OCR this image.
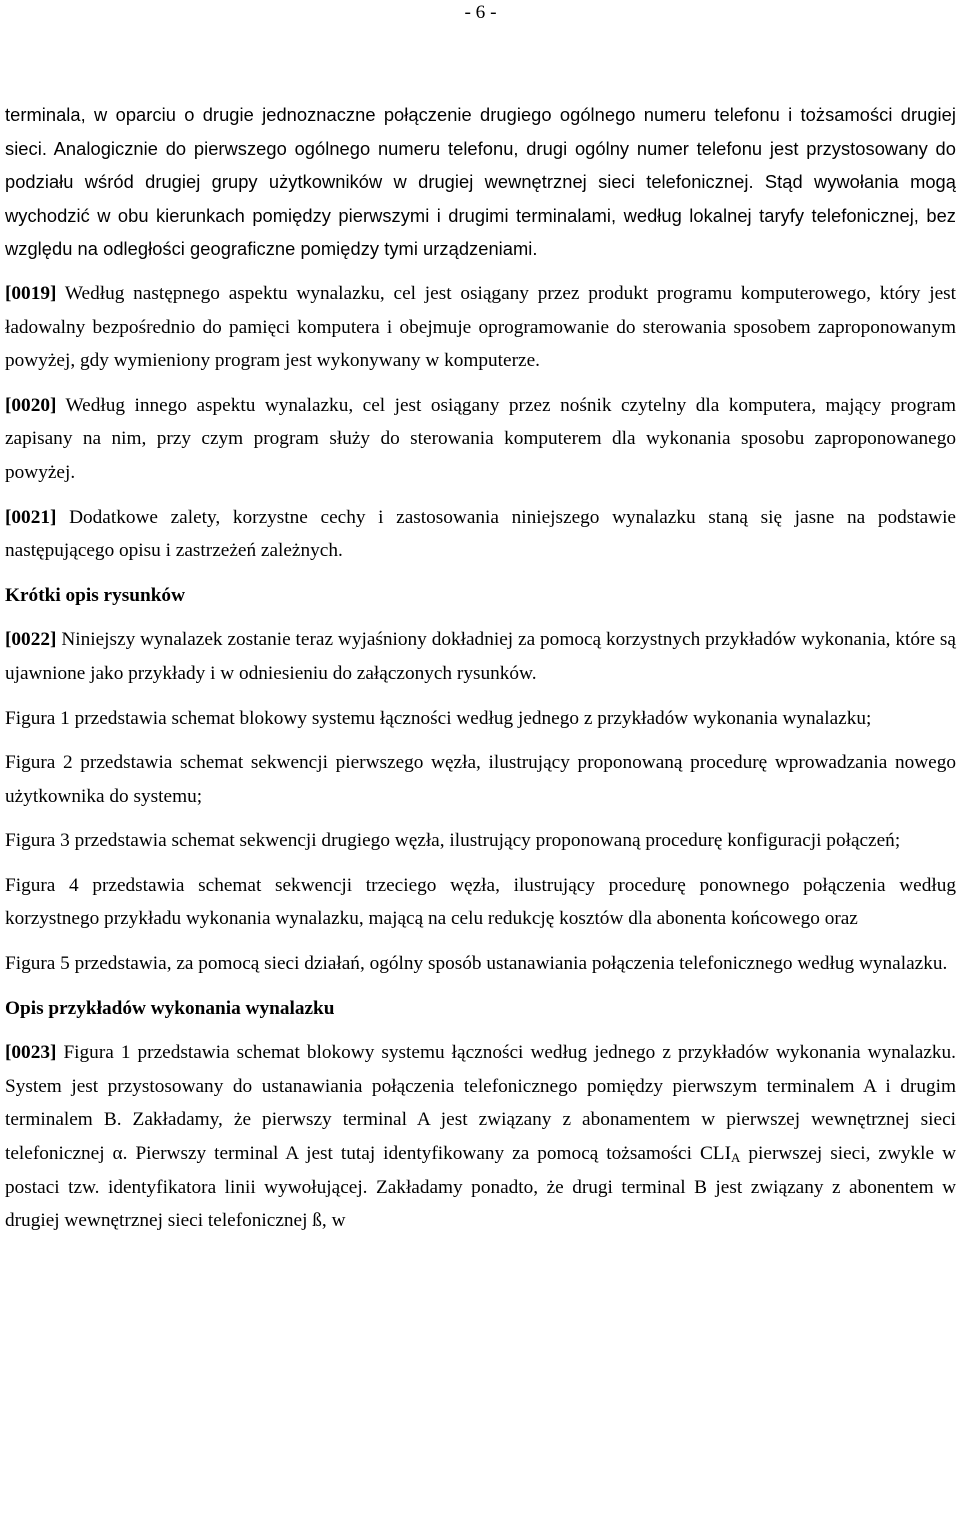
- 6 -

terminala, w oparciu o drugie jednoznaczne połączenie drugiego ogólnego numeru telefonu i tożsamości drugiej sieci. Analogicznie do pierwszego ogólnego numeru telefonu, drugi ogólny numer telefonu jest przystosowany do podziału wśród drugiej grupy użytkowników w drugiej wewnętrznej sieci telefonicznej. Stąd wywołania mogą wychodzić w obu kierunkach pomiędzy pierwszymi i drugimi terminalami, według lokalnej taryfy telefonicznej, bez względu na odległości geograficzne pomiędzy tymi urządzeniami.

[0019] Według następnego aspektu wynalazku, cel jest osiągany przez produkt programu komputerowego, który jest ładowalny bezpośrednio do pamięci komputera i obejmuje oprogramowanie do sterowania sposobem zaproponowanym powyżej, gdy wymieniony program jest wykonywany w komputerze.

[0020] Według innego aspektu wynalazku, cel jest osiągany przez nośnik czytelny dla komputera, mający program zapisany na nim, przy czym program służy do sterowania komputerem dla wykonania sposobu zaproponowanego powyżej.

[0021] Dodatkowe zalety, korzystne cechy i zastosowania niniejszego wynalazku staną się jasne na podstawie następującego opisu i zastrzeżeń zależnych.

Krótki opis rysunków

[0022] Niniejszy wynalazek zostanie teraz wyjaśniony dokładniej za pomocą korzystnych przykładów wykonania, które są ujawnione jako przykłady i w odniesieniu do załączonych rysunków.

Figura 1 przedstawia schemat blokowy systemu łączności według jednego z przykładów wykonania wynalazku;

Figura 2 przedstawia schemat sekwencji pierwszego węzła, ilustrujący proponowaną procedurę wprowadzania nowego użytkownika do systemu;

Figura 3 przedstawia schemat sekwencji drugiego węzła, ilustrujący proponowaną procedurę konfiguracji połączeń;

Figura 4 przedstawia schemat sekwencji trzeciego węzła, ilustrujący procedurę ponownego połączenia według korzystnego przykładu wykonania wynalazku, mającą na celu redukcję kosztów dla abonenta końcowego oraz

Figura 5 przedstawia, za pomocą sieci działań, ogólny sposób ustanawiania połączenia telefonicznego według wynalazku.

Opis przykładów wykonania wynalazku

[0023] Figura 1 przedstawia schemat blokowy systemu łączności według jednego z przykładów wykonania wynalazku. System jest przystosowany do ustanawiania połączenia telefonicznego pomiędzy pierwszym terminalem A i drugim terminalem B. Zakładamy, że pierwszy terminal A jest związany z abonamentem w pierwszej wewnętrznej sieci telefonicznej α. Pierwszy terminal A jest tutaj identyfikowany za pomocą tożsamości $CLI_A$ pierwszej sieci, zwykle w postaci tzw. identyfikatora linii wywołującej. Zakładamy ponadto, że drugi terminal B jest związany z abonentem w drugiej wewnętrznej sieci telefonicznej ß, w
